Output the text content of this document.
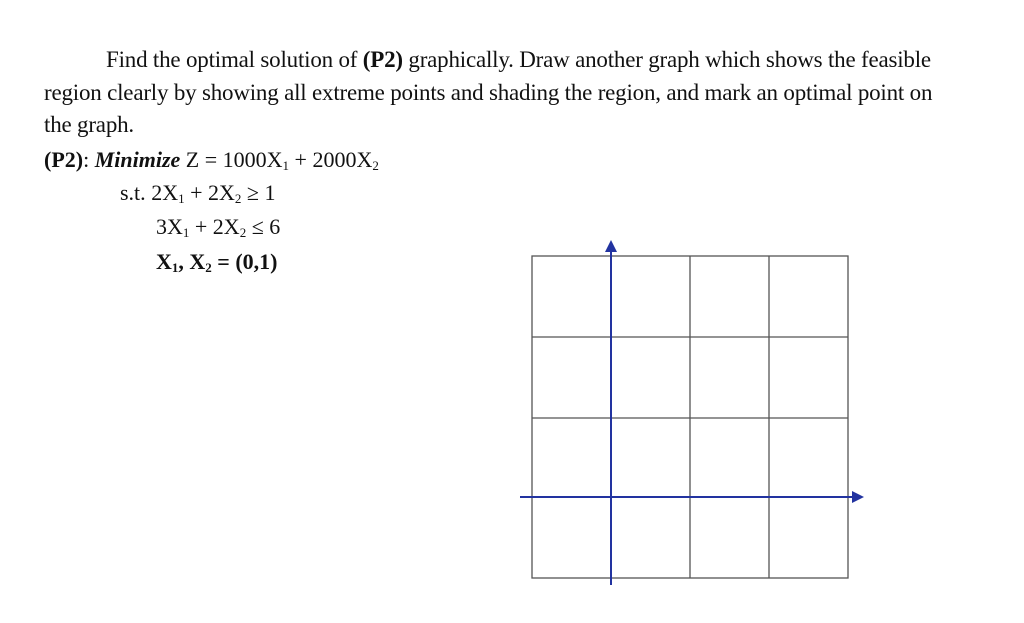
Find the optimal solution of (P2) graphically. Draw another graph which shows the feasible region clearly by showing all extreme points and shading the region, and mark an optimal point on the graph.
(P2): Minimize $Z = 1000X_1 + 2000X_2$
s.t. $2X_1 + 2X_2 \ge 1$
$3X_1 + 2X_2 \le 6$
$X_1$, $X_2 = (0,1)$
